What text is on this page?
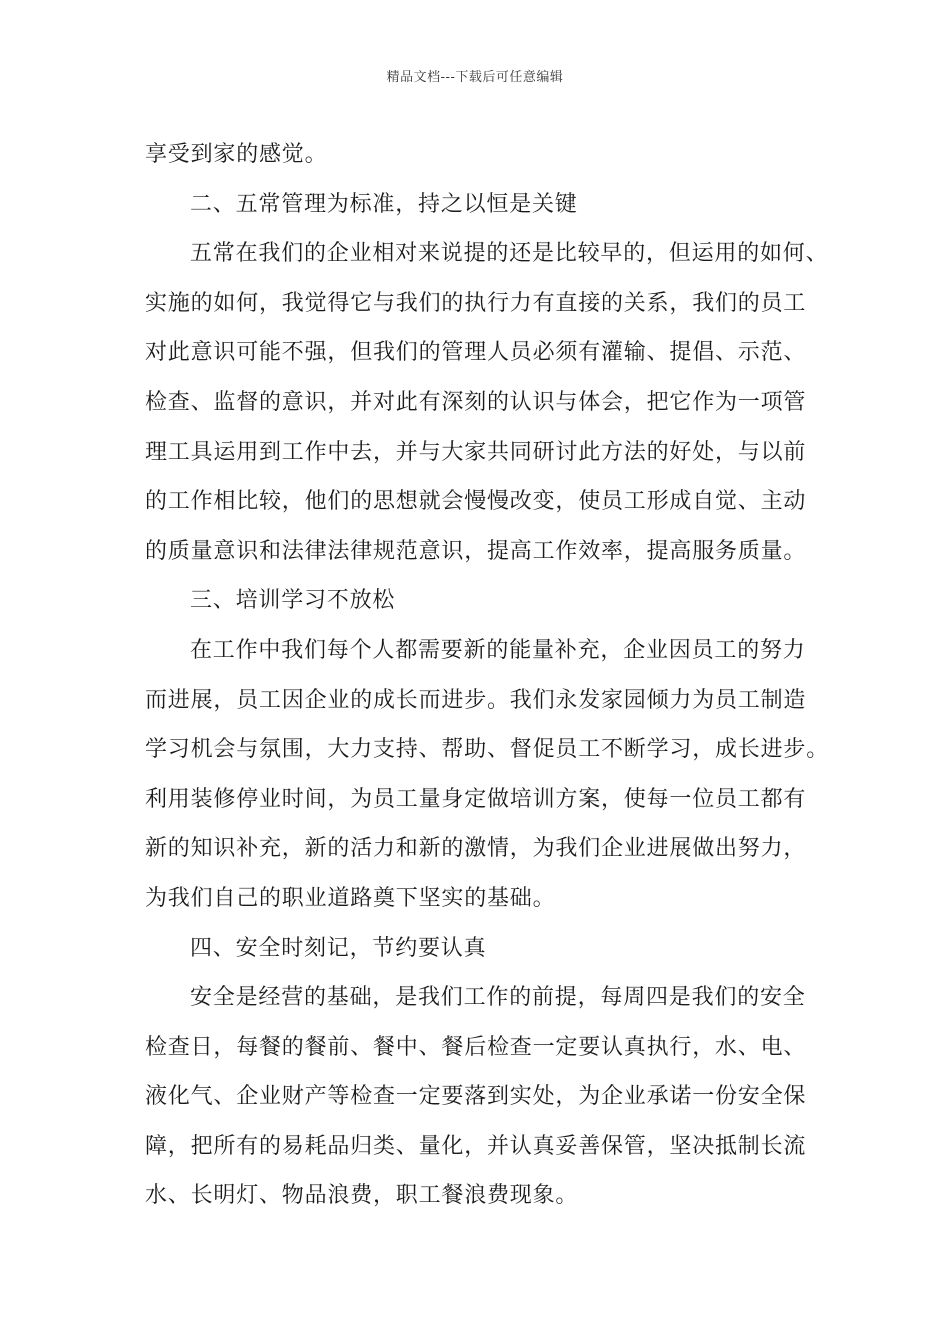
精品文档---下载后可任意编辑
享受到家的感觉。
二、五常管理为标准，持之以恒是关键
五常在我们的企业相对来说提的还是比较早的，但运用的如何、
实施的如何，我觉得它与我们的执行力有直接的关系，我们的员工
对此意识可能不强，但我们的管理人员必须有灌输、提倡、示范、
检查、监督的意识，并对此有深刻的认识与体会，把它作为一项管
理工具运用到工作中去，并与大家共同研讨此方法的好处，与以前
的工作相比较，他们的思想就会慢慢改变，使员工形成自觉、主动
的质量意识和法律法律规范意识，提高工作效率，提高服务质量。
三、培训学习不放松
在工作中我们每个人都需要新的能量补充，企业因员工的努力
而进展，员工因企业的成长而进步。我们永发家园倾力为员工制造
学习机会与氛围，大力支持、帮助、督促员工不断学习，成长进步。
利用装修停业时间，为员工量身定做培训方案，使每一位员工都有
新的知识补充，新的活力和新的激情，为我们企业进展做出努力，
为我们自己的职业道路奠下坚实的基础。
四、安全时刻记，节约要认真
安全是经营的基础，是我们工作的前提，每周四是我们的安全
检查日，每餐的餐前、餐中、餐后检查一定要认真执行，水、电、
液化气、企业财产等检查一定要落到实处，为企业承诺一份安全保
障，把所有的易耗品归类、量化，并认真妥善保管，坚决抵制长流
水、长明灯、物品浪费，职工餐浪费现象。
